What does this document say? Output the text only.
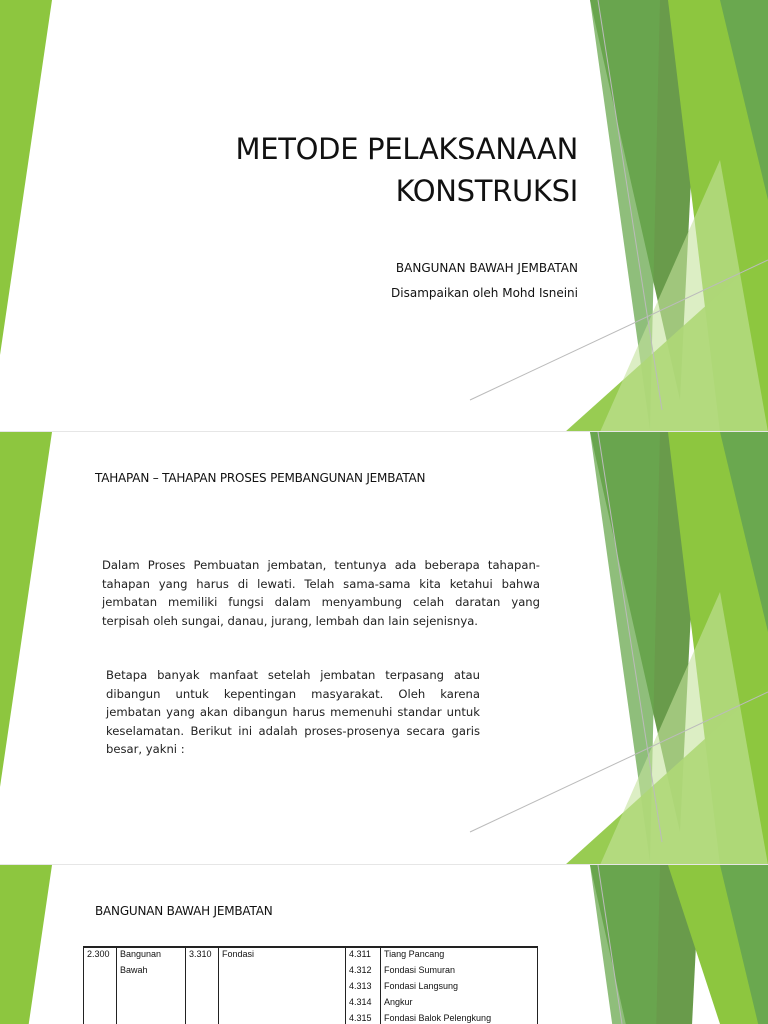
METODE PELAKSANAAN
KONSTRUKSI
BANGUNAN BAWAH JEMBATAN
Disampaikan oleh Mohd Isneini
TAHAPAN – TAHAPAN PROSES PEMBANGUNAN JEMBATAN
Dalam Proses Pembuatan jembatan, tentunya ada beberapa tahapan-tahapan yang harus di lewati. Telah sama-sama kita ketahui bahwa jembatan memiliki fungsi dalam menyambung celah daratan yang terpisah oleh sungai, danau, jurang, lembah dan lain sejenisnya.
Betapa banyak manfaat setelah jembatan terpasang atau dibangun untuk kepentingan masyarakat. Oleh karena jembatan yang akan dibangun harus memenuhi standar untuk keselamatan. Berikut ini adalah proses-prosenya secara garis besar, yakni :
BANGUNAN BAWAH JEMBATAN
2.300	Bangunan	3.310	Fondasi	4.311	Tiang Pancang
	Bawah			4.312	Fondasi Sumuran
				4.313	Fondasi Langsung
				4.314	Angkur
				4.315	Fondasi Balok Pelengkung
